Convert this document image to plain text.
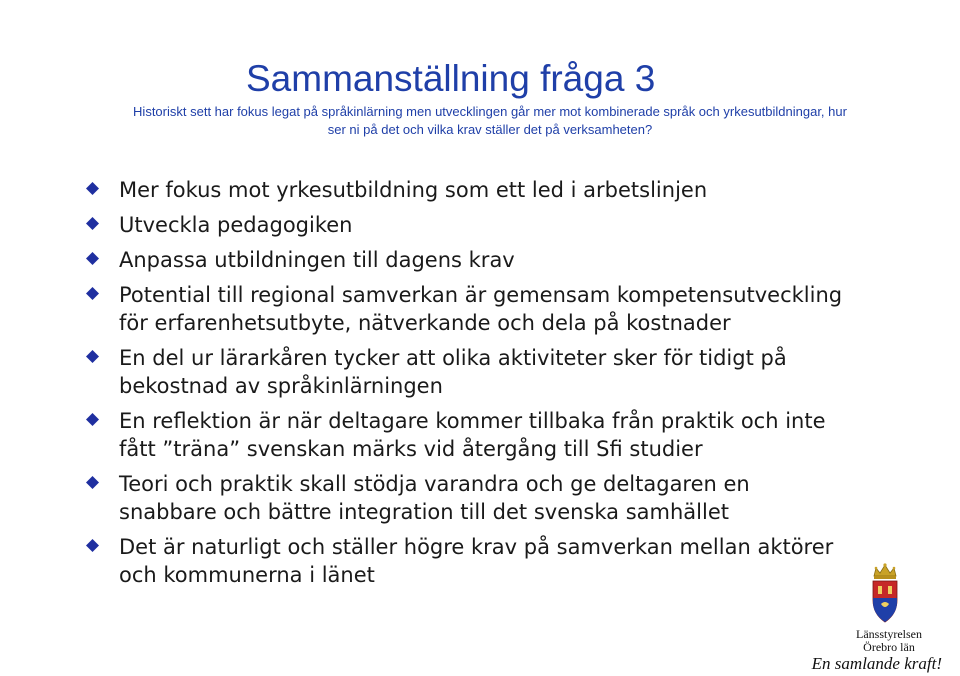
Sammanställning fråga 3

Historiskt sett har fokus legat på språkinlärning men utvecklingen går mer mot kombinerade språk och yrkesutbildningar, hur ser ni på det och vilka krav ställer det på verksamheten?

Mer fokus mot yrkesutbildning som ett led i arbetslinjen
Utveckla pedagogiken
Anpassa utbildningen till dagens krav
Potential till regional samverkan är gemensam kompetensutveckling för erfarenhetsutbyte, nätverkande och dela på kostnader
En del ur lärarkåren tycker att olika aktiviteter sker för tidigt på bekostnad av språkinlärningen
En reflektion är när deltagare kommer tillbaka från praktik och inte fått ”träna” svenskan märks vid återgång till Sfi studier
Teori och praktik skall stödja varandra och ge deltagaren en snabbare och bättre integration till det svenska samhället
Det är naturligt och ställer högre krav på samverkan mellan aktörer och kommunerna i länet
Länsstyrelsen
Örebro län
En samlande kraft!
